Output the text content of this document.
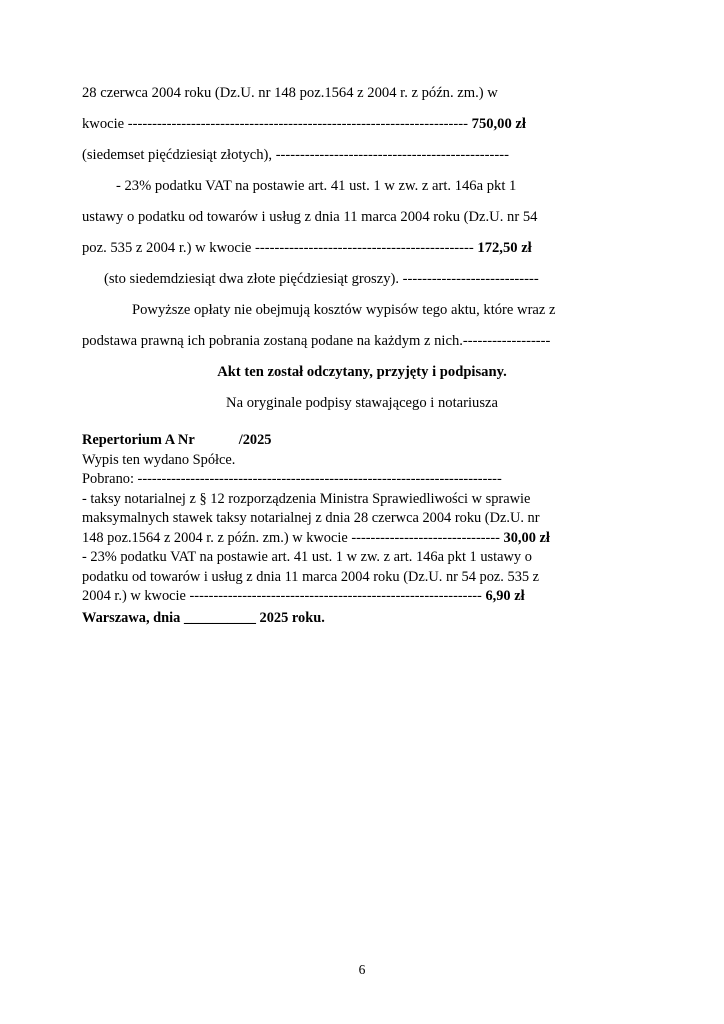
28 czerwca 2004 roku (Dz.U. nr 148 poz.1564 z 2004 r. z późn. zm.) w

kwocie ---------------------------------------------------------------------- 750,00 zł

(siedemset pięćdziesiąt złotych), ------------------------------------------------

- 23% podatku VAT na postawie art. 41 ust. 1 w zw. z art. 146a pkt 1

ustawy o podatku od towarów i usług z dnia 11 marca 2004 roku (Dz.U. nr 54

poz. 535 z 2004 r.) w kwocie --------------------------------------------- 172,50 zł

(sto siedemdziesiąt dwa złote pięćdziesiąt groszy). ----------------------------

Powyższe opłaty nie obejmują kosztów wypisów tego aktu, które wraz z

podstawa prawną ich pobrania zostaną podane na każdym z nich.------------------

Akt ten został odczytany, przyjęty i podpisany.

Na oryginale podpisy stawającego i notariusza

Repertorium A Nr	/2025

Wypis ten wydano Spółce.

Pobrano: ----------------------------------------------------------------------------

- taksy notarialnej z § 12 rozporządzenia Ministra Sprawiedliwości w sprawie

maksymalnych stawek taksy notarialnej z dnia 28 czerwca 2004 roku (Dz.U. nr

148 poz.1564 z 2004 r. z późn. zm.) w kwocie ------------------------------- 30,00 zł

- 23% podatku VAT na postawie art. 41 ust. 1 w zw. z art. 146a pkt 1 ustawy o

podatku od towarów i usług z dnia 11 marca 2004 roku (Dz.U. nr 54 poz. 535 z

2004 r.) w kwocie ------------------------------------------------------------- 6,90 zł

Warszawa, dnia __________ 2025 roku.

6
